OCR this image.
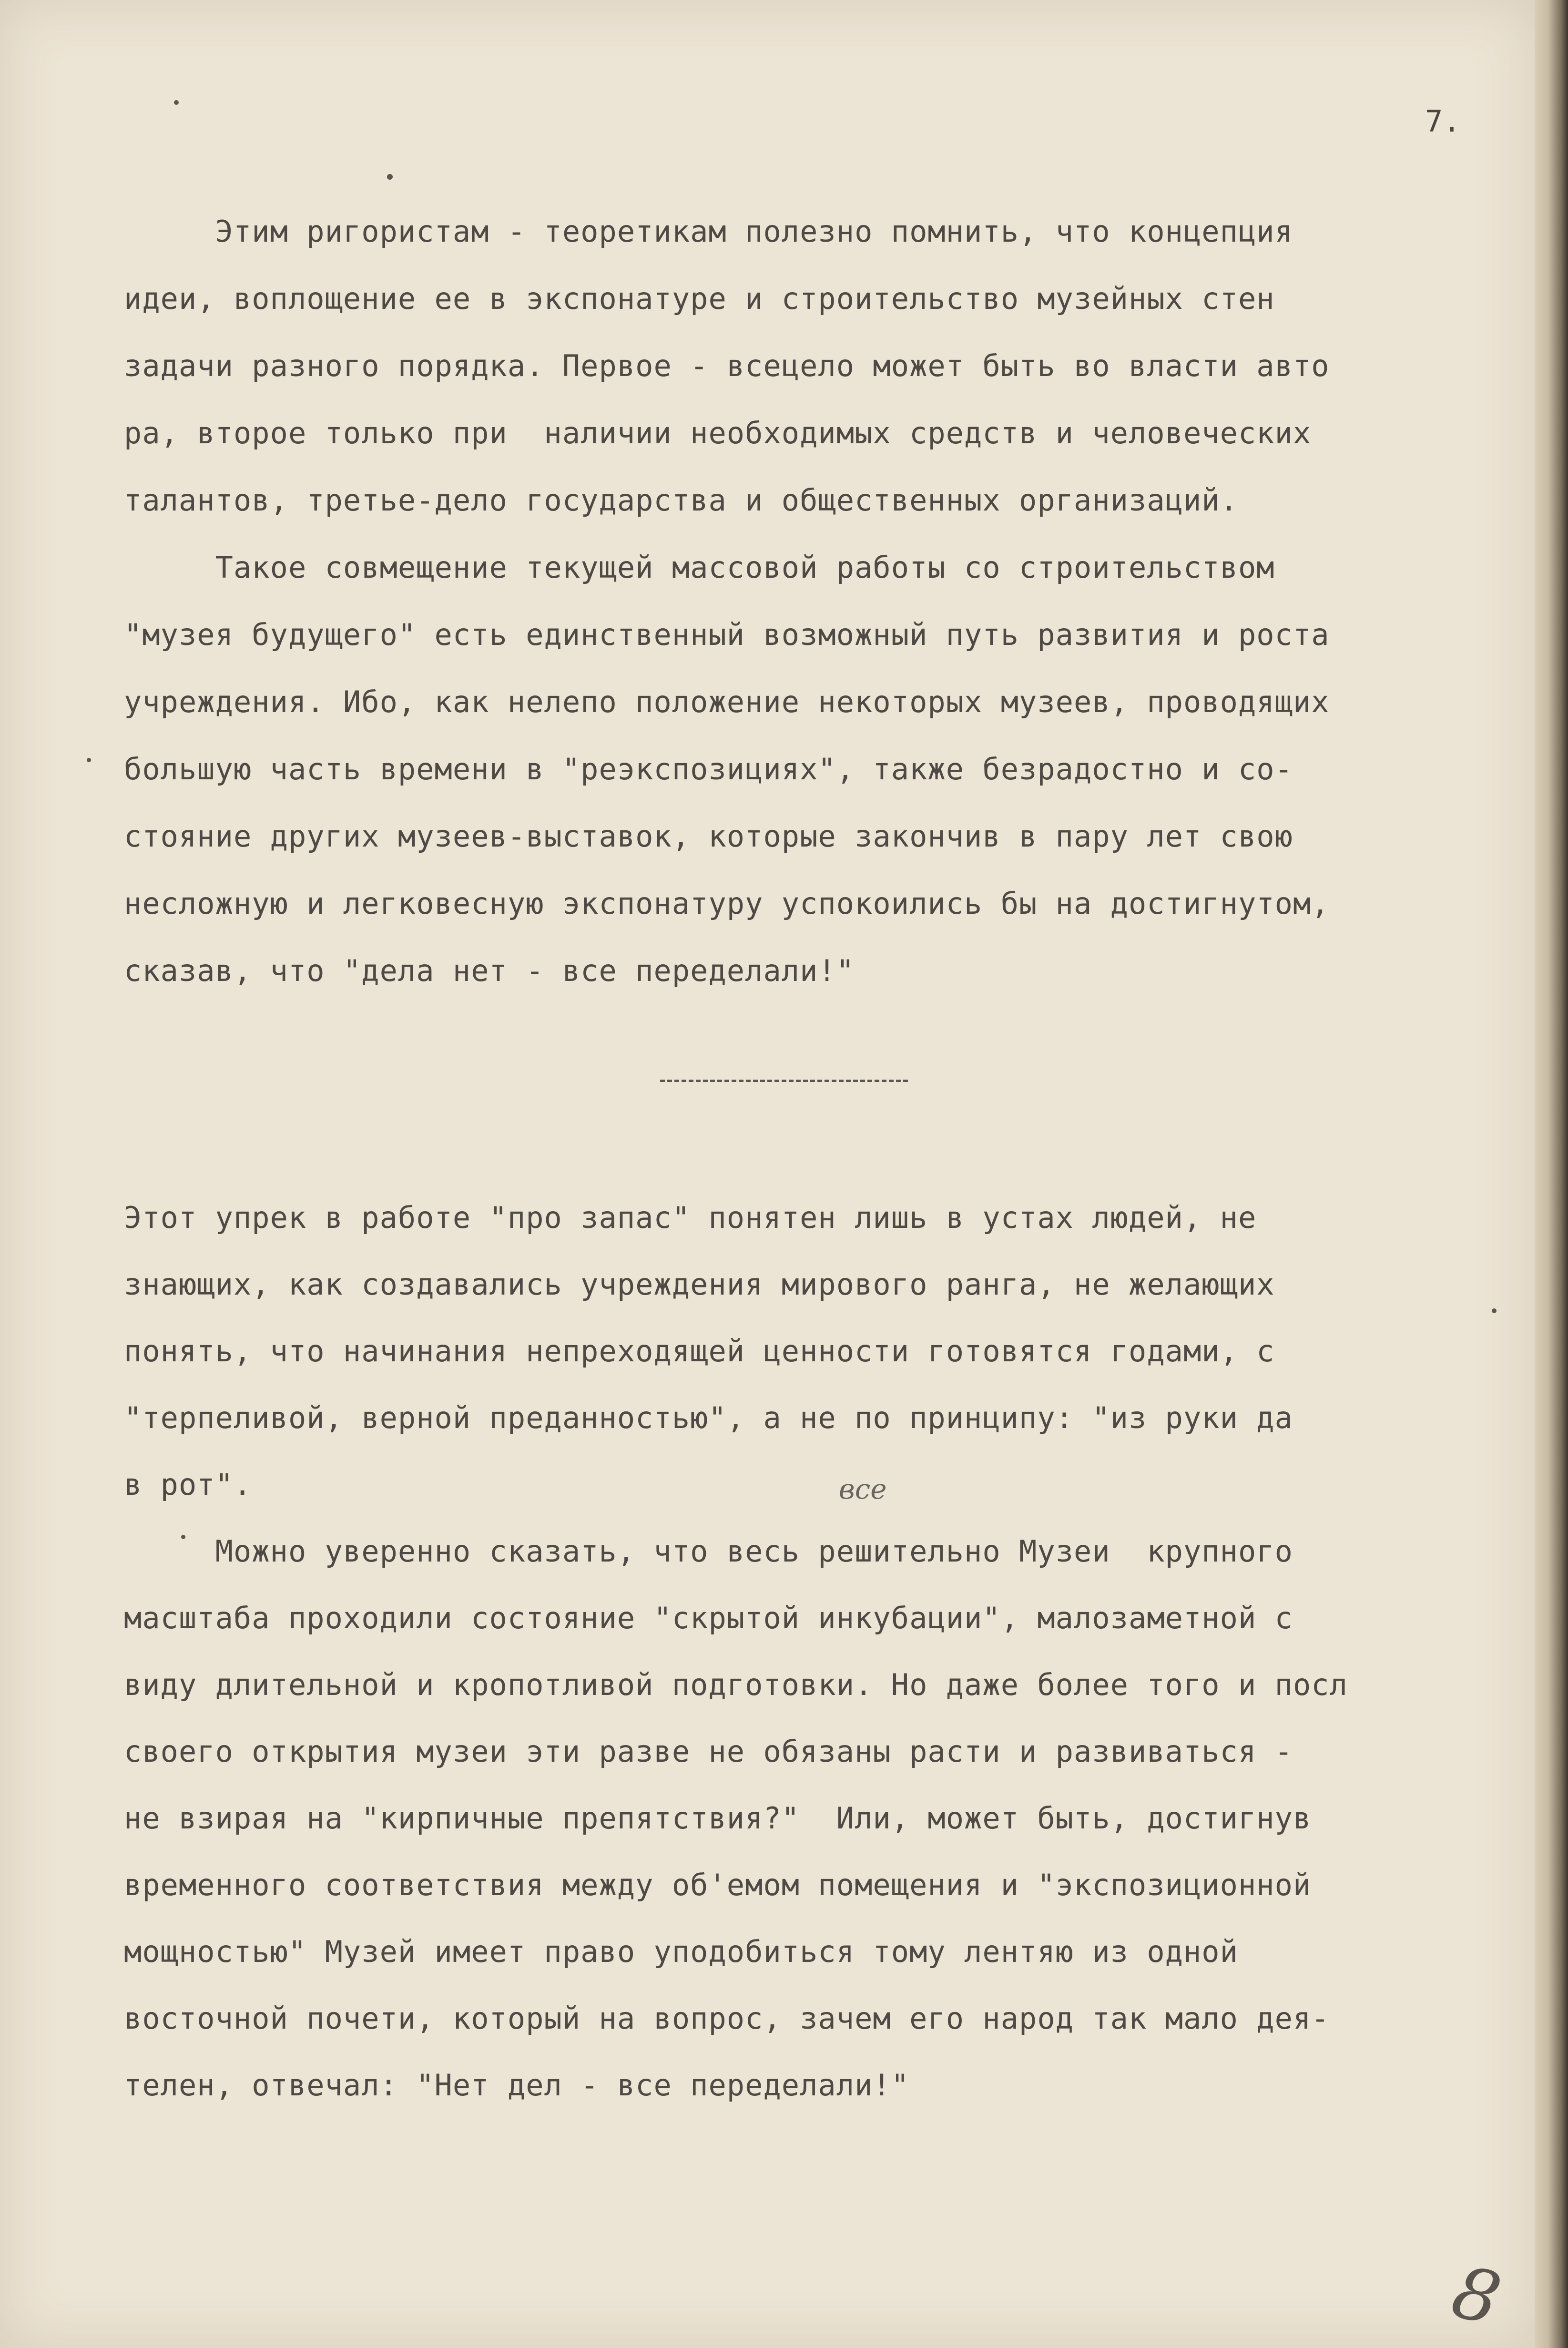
7.

Этим ригористам - теоретикам полезно помнить, что концепция

идеи, воплощение ее в экспонатуре и строительство музейных стен

задачи разного порядка. Первое - всецело может быть во власти авто

ра, второе только при  наличии необходимых средств и человеческих

талантов, третье-дело государства и общественных организаций.

Такое совмещение текущей массовой работы со строительством

"музея будущего" есть единственный возможный путь развития и роста

учреждения. Ибо, как нелепо положение некоторых музеев, проводящих

большую часть времени в "реэкспозициях", также безрадостно и со-

стояние других музеев-выставок, которые закончив в пару лет свою

несложную и легковесную экспонатуру успокоились бы на достигнутом,

сказав, что "дела нет - все переделали!"

Этот упрек в работе "про запас" понятен лишь в устах людей, не

знающих, как создавались учреждения мирового ранга, не желающих

понять, что начинания непреходящей ценности готовятся годами, с

"терпеливой, верной преданностью", а не по принципу: "из руки да

в рот".

Можно уверенно сказать, что весь решительно Музеи  крупного

масштаба проходили состояние "скрытой инкубации", малозаметной с

виду длительной и кропотливой подготовки. Но даже более того и посл

своего открытия музеи эти разве не обязаны расти и развиваться -

не взирая на "кирпичные препятствия?"  Или, может быть, достигнув

временного соответствия между об'емом помещения и "экспозиционной

мощностью" Музей имеет право уподобиться тому лентяю из одной

восточной почети, который на вопрос, зачем его народ так мало дея-

телен, отвечал: "Нет дел - все переделали!"

все
8
